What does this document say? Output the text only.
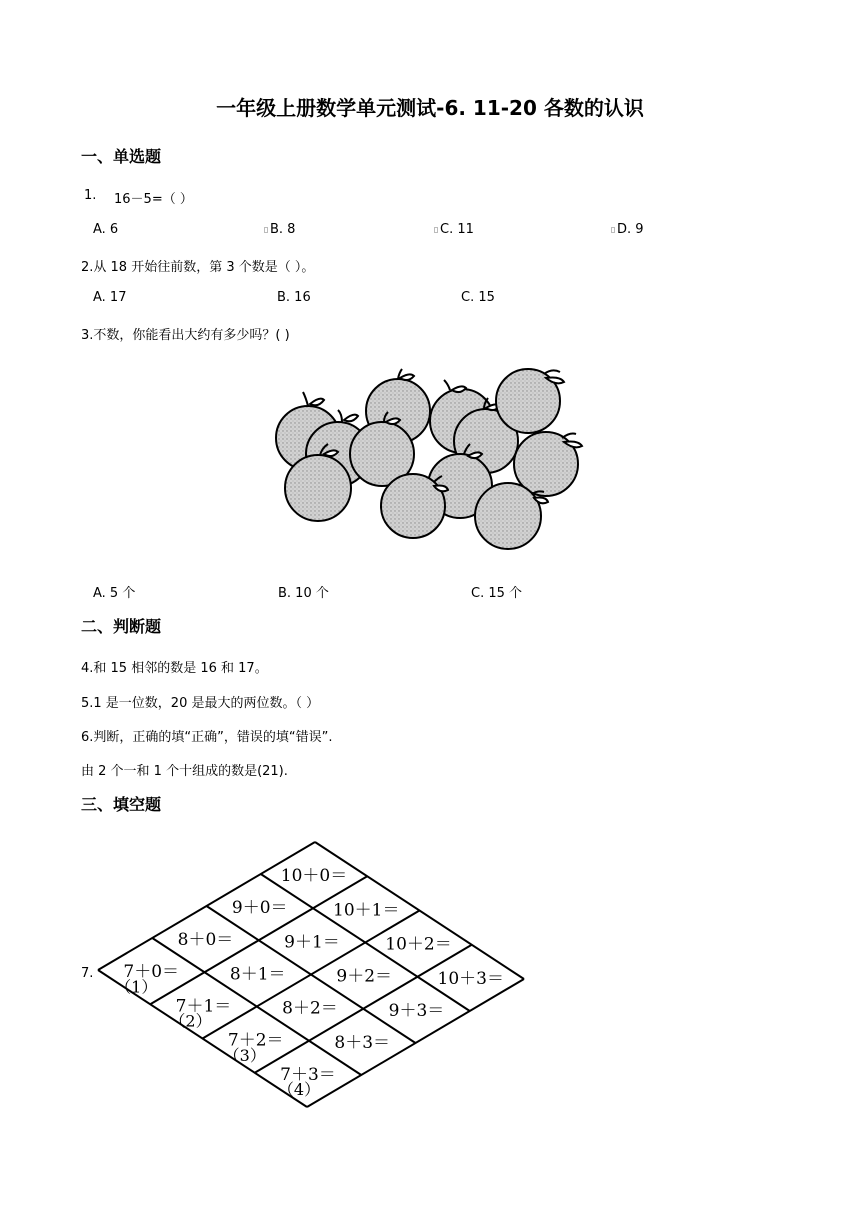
一年级上册数学单元测试-6. 11-20 各数的认识
一、单选题
1. 16－5=（ ）
A. 6	B. 8	C. 11	D. 9
2.从 18 开始往前数，第 3 个数是（ ）。
A. 17	B. 16	C. 15
3.不数，你能看出大约有多少吗？( )
A. 5 个	B. 10 个	C. 15 个
二、判断题
4.和 15 相邻的数是 16 和 17。
5.1 是一位数，20 是最大的两位数。（ ）
6.判断，正确的填“正确”，错误的填“错误”.
由 2 个一和 1 个十组成的数是(21).
三、填空题
7. 7＋0＝
8＋0＝
9＋0＝
10＋0＝
7＋1＝
8＋1＝
9＋1＝
10＋1＝
7＋2＝
8＋2＝
9＋2＝
10＋2＝
7＋3＝
8＋3＝
9＋3＝
10＋3＝
（1）
（2）
（3）
（4）
